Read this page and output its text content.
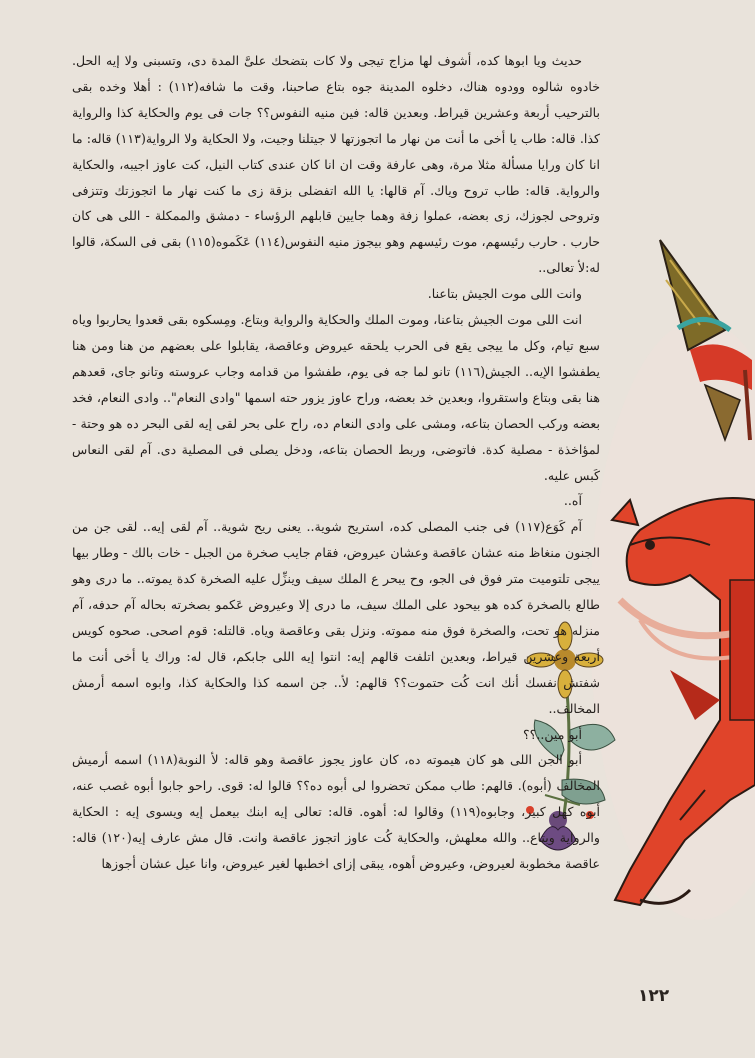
حديث ويا ابوها كده، أشوف لها مزاج تيجى ولا كات بتضحك علىَّ المدة دى، وتسبنى ولا إيه الحل. خادوه شالوه وودوه هناك، دخلوه المدينة جوه بتاع صاحبنا، وقت ما شافه(١١٢) : أهلا وخده بقى بالترحيب أربعة وعشرين قيراط. وبعدين قاله: فين منيه النفوس؟؟ جات فى يوم والحكاية كذا والرواية كذا. قاله: طاب يا أخى ما أنت من نهار ما اتجوزتها لا جيتلنا وجيت، ولا الحكاية ولا الرواية(١١٣) قاله: ما انا كان ورايا مسألة مثلا مرة، وهى عارفة وقت ان انا كان عندى كتاب النيل، كت عاوز اجيبه، والحكاية والرواية. قاله: طاب تروح وياك. آم قالها: يا الله اتفضلى بزقة زى ما كنت نهار ما اتجوزتك وتتزفى وتروحى لجوزك، زى بعضه، عملوا زفة وهما جايين قابلهم الرؤساء - دمشق والممكلة - اللى هى كان حارب . حارب رئيسهم، موت رئيسهم وهو بيجوز منيه النفوس(١١٤) عَكَموه(١١٥) بقى فى السكة، قالوا له:لأ تعالى..

وانت اللى موت الجيش بتاعنا.

انت اللى موت الجيش بتاعنا، وموت الملك والحكاية والرواية وبتاع. ومِسكوه بقى قعدوا يحاربوا وياه سبع تيام، وكل ما ييجى يقع فى الحرب يلحقه عيروض وعاقصة، يقابلوا على بعضهم من هنا ومن هنا يطفشوا الإيه.. الجيش(١١٦) تانو لما جه فى يوم، طفشوا من قدامه وجاب عروسته وتانو جاى، قعدهم هنا بقى وبتاع واستقروا، وبعدين خد بعضه، وراح عاوز يزور حته اسمها "وادى النعام".. وادى النعام، فخد بعضه وركب الحصان بتاعه، ومشى على وادى النعام ده، راح على بحر لقى إيه لقى البحر ده هو وحتة - لمؤاخذة - مصلية كدة. فاتوضى، وربط الحصان بتاعه، ودخل يصلى فى المصلية دى. آم لقى النعاس كَبس عليه.

آه..

آم كَوَع(١١٧) فى جنب المصلى كده، استريح شوية.. يعنى ريح شوية.. آم لقى إيه.. لقى جن من الجنون منغاظ منه عشان عاقصة وعشان عيروض، فقام جايب صخرة من الجبل - خات بالك - وطار بيها ييجى تلتوميت متر فوق فى الجو، وح يبحر ع الملك سيف وينزِّل عليه الصخرة كدة يموته.. ما درى وهو طالع بالصخرة كده هو بيحود على الملك سيف، ما درى إلا وعيروض عَكمو بصخرته بحاله آم حدفه، آم منزله هو تحت، والصخرة فوق منه مموته. ونزل بقى وعاقصة وياه. قالتله: قوم اصحى. صحوه كويس أربعة وعشرين قيراط، وبعدين اتلفت قالهم إيه: انتوا إيه اللى جابكم، قال له: وراك يا أخى أنت ما شفتش نفسك أنك انت كُت حتموت؟؟ قالهم: لأ.. جن اسمه كذا والحكاية كذا، وابوه اسمه أرمش المخالف..

أبو مين..؟؟

أبو الجن اللى هو كان هيموته ده، كان عاوز يجوز عاقصة وهو قاله: لأ النوبة(١١٨) اسمه أرميش المخالف (أبوه). قالهم: طاب ممكن تحضروا لى أبوه ده؟؟ قالوا له: قوى. راحو جابوا أبوه غصب عنه، أبوه كهل كبير، وجابوه(١١٩) وقالوا له: أهوه. قاله: تعالى إيه ابنك بيعمل إيه ويسوى إيه : الحكاية والرواية وبتاع.. والله معلهش، والحكاية كُت عاوز اتجوز عاقصة وانت. قال مش عارف إيه(١٢٠) قاله: عاقصة مخطوبة لعيروض، وعيروض أهوه، يبقى إزاى اخطبها لغير عيروض، وانا عيل عشان أجوزها

١٢٢
